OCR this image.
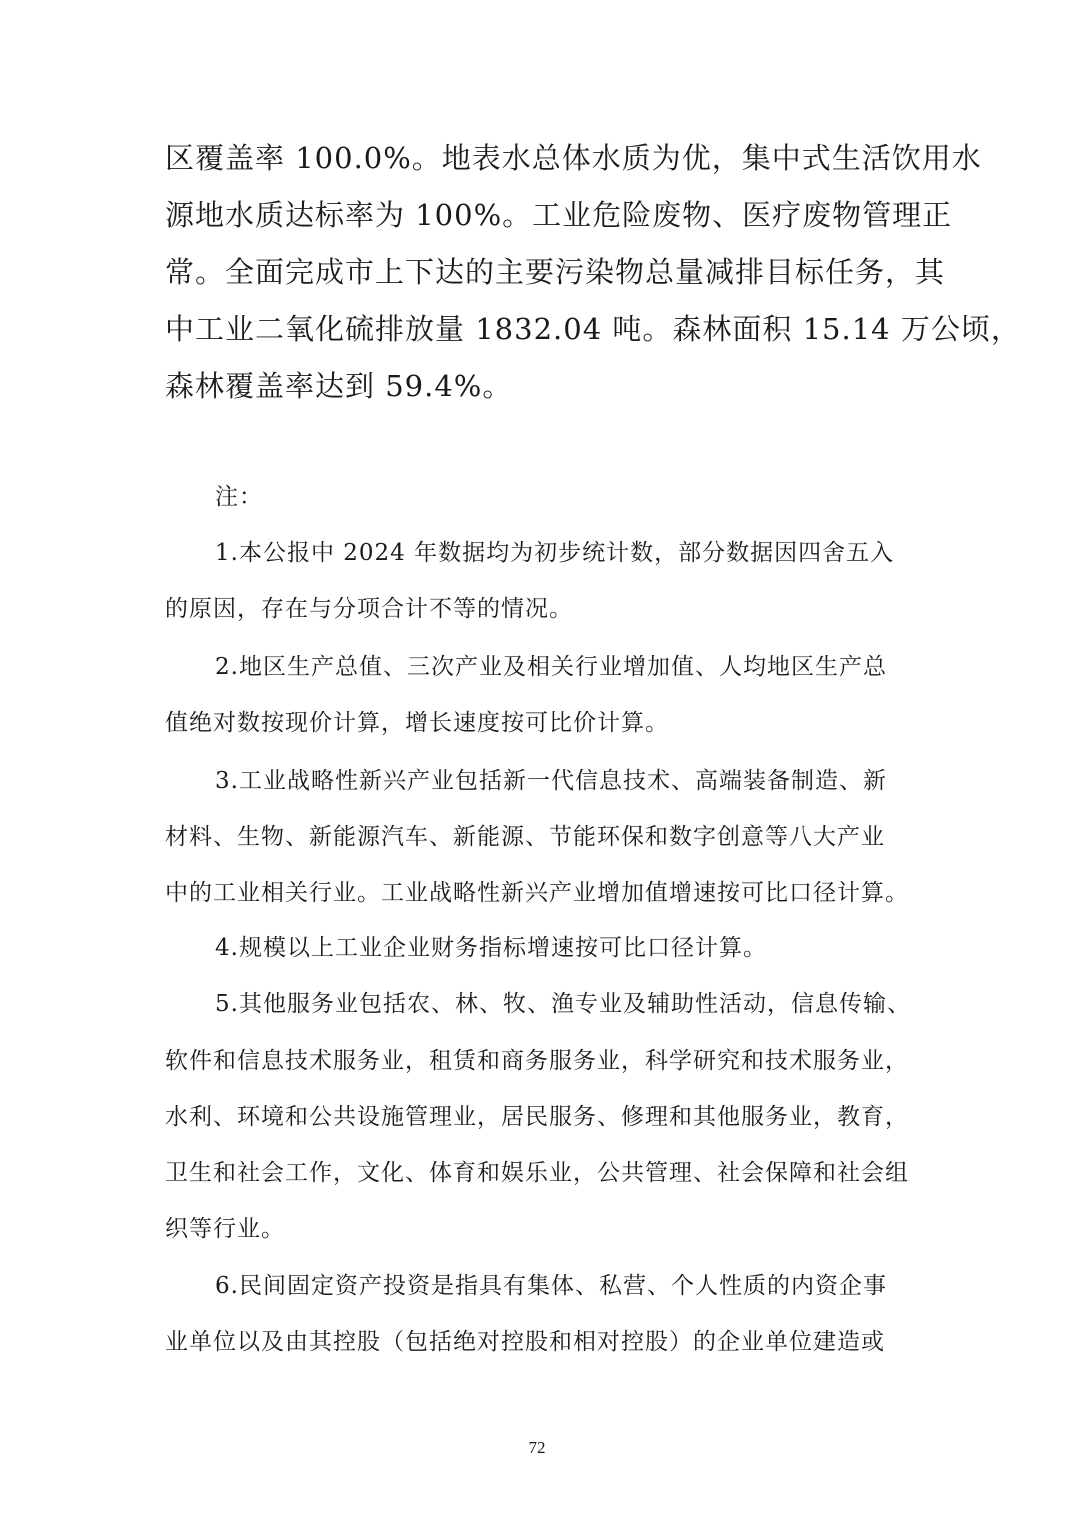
区覆盖率 100.0%。地表水总体水质为优，集中式生活饮用水
源地水质达标率为 100%。工业危险废物、医疗废物管理正
常。全面完成市上下达的主要污染物总量减排目标任务，其
中工业二氧化硫排放量 1832.04 吨。森林面积 15.14 万公顷，
森林覆盖率达到 59.4%。
注：
1.本公报中 2024 年数据均为初步统计数，部分数据因四舍五入
的原因，存在与分项合计不等的情况。
2.地区生产总值、三次产业及相关行业增加值、人均地区生产总
值绝对数按现价计算，增长速度按可比价计算。
3.工业战略性新兴产业包括新一代信息技术、高端装备制造、新
材料、生物、新能源汽车、新能源、节能环保和数字创意等八大产业
中的工业相关行业。工业战略性新兴产业增加值增速按可比口径计算。
4.规模以上工业企业财务指标增速按可比口径计算。
5.其他服务业包括农、林、牧、渔专业及辅助性活动，信息传输、
软件和信息技术服务业，租赁和商务服务业，科学研究和技术服务业，
水利、环境和公共设施管理业，居民服务、修理和其他服务业，教育，
卫生和社会工作，文化、体育和娱乐业，公共管理、社会保障和社会组
织等行业。
6.民间固定资产投资是指具有集体、私营、个人性质的内资企事
业单位以及由其控股（包括绝对控股和相对控股）的企业单位建造或
72
